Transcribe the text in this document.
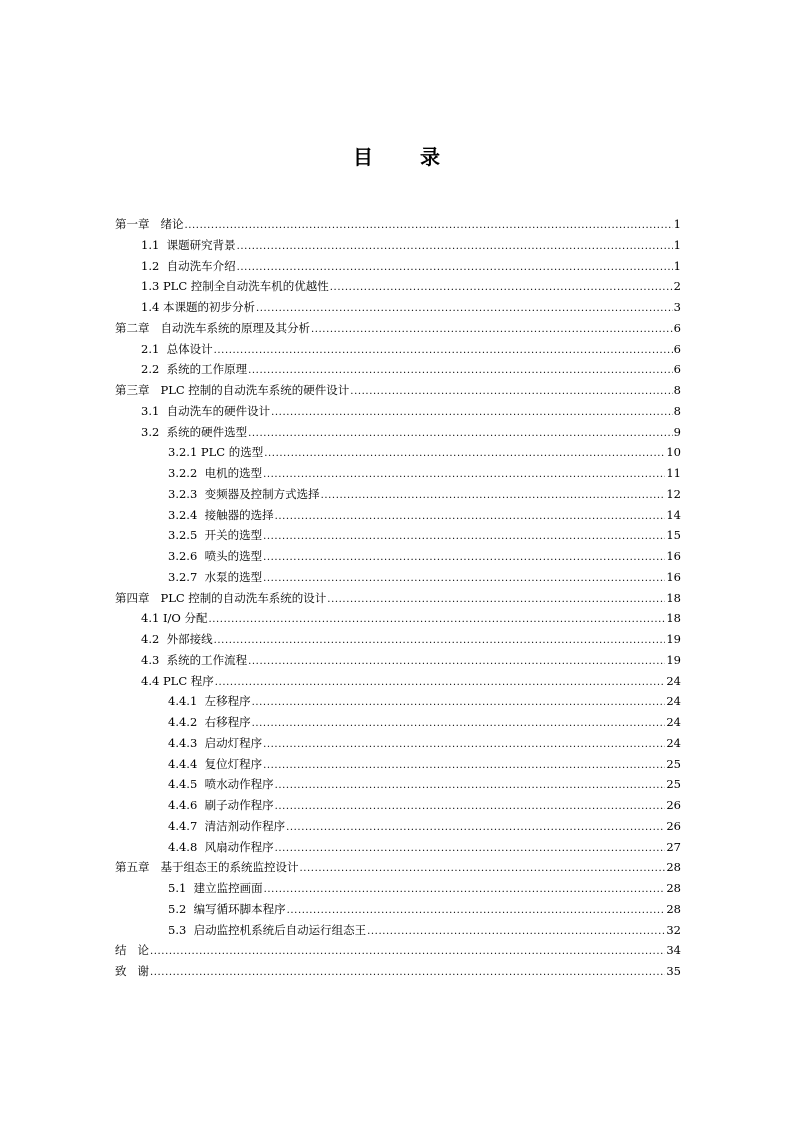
目 录
第一章   绪论 .....	1
1.1  课题研究背景 .....	1
1.2  自动洗车介绍 .....	1
1.3 PLC 控制全自动洗车机的优越性 .....	2
1.4 本课题的初步分析 .....	3
第二章   自动洗车系统的原理及其分析 .....	6
2.1  总体设计 .....	6
2.2  系统的工作原理 .....	6
第三章   PLC 控制的自动洗车系统的硬件设计 .....	8
3.1  自动洗车的硬件设计 .....	8
3.2  系统的硬件选型 .....	9
3.2.1 PLC 的选型 .....	10
3.2.2  电机的选型 .....	11
3.2.3  变频器及控制方式选择 .....	12
3.2.4  接触器的选择 .....	14
3.2.5  开关的选型 .....	15
3.2.6  喷头的选型 .....	16
3.2.7  水泵的选型 .....	16
第四章   PLC 控制的自动洗车系统的设计 .....	18
4.1 I/O 分配 .....	18
4.2  外部接线 .....	19
4.3  系统的工作流程 .....	19
4.4 PLC 程序 .....	24
4.4.1  左移程序 .....	24
4.4.2  右移程序 .....	24
4.4.3  启动灯程序 .....	24
4.4.4  复位灯程序 .....	25
4.4.5  喷水动作程序 .....	25
4.4.6  刷子动作程序 .....	26
4.4.7  清洁剂动作程序 .....	26
4.4.8  风扇动作程序 .....	27
第五章   基于组态王的系统监控设计 .....	28
5.1  建立监控画面 .....	28
5.2  编写循环脚本程序 .....	28
5.3  启动监控机系统后自动运行组态王 .....	32
结   论 .....	34
致   谢 .....	35
